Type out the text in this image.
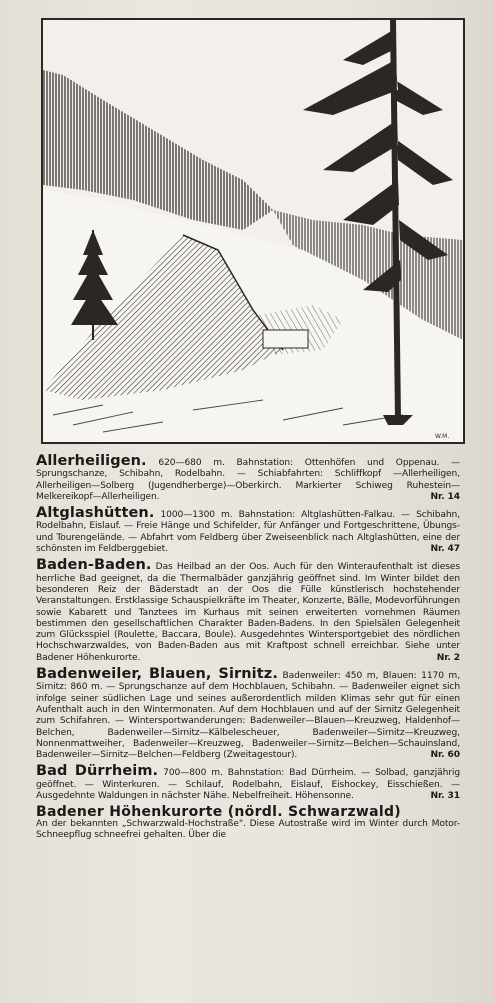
W.M.
Allerheiligen. 620—680 m. Bahnstation: Ottenhöfen und Oppenau. — Sprungschanze, Schibahn, Rodelbahn. — Schiabfahrten: Schliffkopf —Allerheiligen, Allerheiligen—Solberg (Jugendherberge)—Oberkirch. Markierter Schiweg Ruhestein—Melkereikopf—Allerheiligen.	Nr. 14
Altglashütten. 1000—1300 m. Bahnstation: Altglashütten-Falkau. — Schibahn, Rodelbahn, Eislauf. — Freie Hänge und Schifelder, für Anfänger und Fortgeschrittene, Übungs- und Tourengelände. — Abfahrt vom Feldberg über Zweiseenblick nach Altglashütten, eine der schönsten im Feldberggebiet.	Nr. 47
Baden-Baden. Das Heilbad an der Oos. Auch für den Winteraufenthalt ist dieses herrliche Bad geeignet, da die Thermalbäder ganzjährig geöffnet sind. Im Winter bildet den besonderen Reiz der Bäderstadt an der Oos die Fülle künstlerisch hochstehender Veranstaltungen. Erstklassige Schauspielkräfte im Theater, Konzerte, Bälle, Modevorführungen sowie Kabarett und Tanztees im Kurhaus mit seinen erweiterten vornehmen Räumen bestimmen den gesellschaftlichen Charakter Baden-Badens. In den Spielsälen Gelegenheit zum Glücksspiel (Roulette, Baccara, Boule). Ausgedehntes Wintersportgebiet des nördlichen Hochschwarzwaldes, von Baden-Baden aus mit Kraftpost schnell erreichbar. Siehe unter Badener Höhenkurorte.	Nr. 2
Badenweiler, Blauen, Sirnitz. Badenweiler: 450 m, Blauen: 1170 m, Sirnitz: 860 m. — Sprungschanze auf dem Hochblauen, Schibahn. — Badenweiler eignet sich infolge seiner südlichen Lage und seines außerordentlich milden Klimas sehr gut für einen Aufenthalt auch in den Wintermonaten. Auf dem Hochblauen und auf der Sirnitz Gelegenheit zum Schifahren. — Wintersportwanderungen: Badenweiler—Blauen—Kreuzweg, Haldenhof—Belchen, Badenweiler—Sirnitz—Kälbelescheuer, Badenweiler—Sirnitz—Kreuzweg, Nonnenmattweiher, Badenweiler—Kreuzweg, Badenweiler—Sirnitz—Belchen—Schauinsland, Badenweiler—Sirnitz—Belchen—Feldberg (Zweitagestour).	Nr. 60
Bad Dürrheim. 700—800 m. Bahnstation: Bad Dürrheim. — Solbad, ganzjährig geöffnet. — Winterkuren. — Schilauf, Rodelbahn, Eislauf, Eishockey, Eisschießen. — Ausgedehnte Waldungen in nächster Nähe. Nebelfreiheit. Höhensonne.	Nr. 31
Badener Höhenkurorte (nördl. Schwarzwald)
An der bekannten „Schwarzwald-Hochstraße". Diese Autostraße wird im Winter durch Motor-Schneepflug schneefrei gehalten. Über die
